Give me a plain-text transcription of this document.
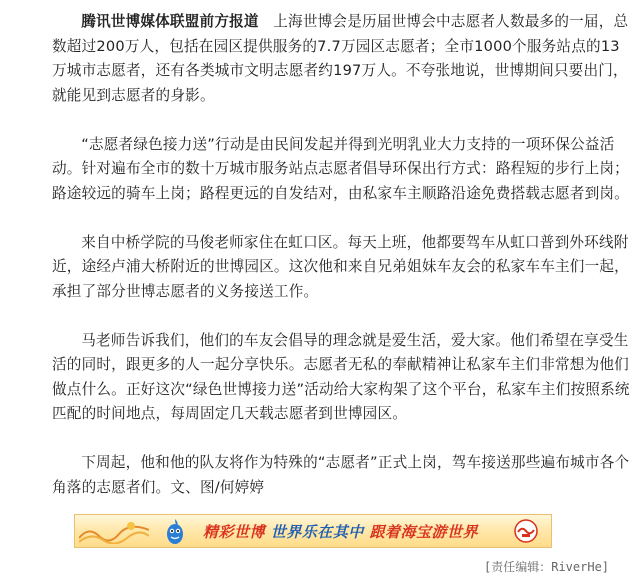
腾讯世博媒体联盟前方报道 上海世博会是历届世博会中志愿者人数最多的一届，总数超过200万人，包括在园区提供服务的7.7万园区志愿者；全市1000个服务站点的13万城市志愿者，还有各类城市文明志愿者约197万人。不夸张地说，世博期间只要出门，就能见到志愿者的身影。

“志愿者绿色接力送”行动是由民间发起并得到光明乳业大力支持的一项环保公益活动。针对遍布全市的数十万城市服务站点志愿者倡导环保出行方式：路程短的步行上岗；路途较远的骑车上岗；路程更远的自发结对，由私家车主顺路沿途免费搭载志愿者到岗。

来自中桥学院的马俊老师家住在虹口区。每天上班，他都要驾车从虹口普到外环线附近，途经卢浦大桥附近的世博园区。这次他和来自兄弟姐妹车友会的私家车车主们一起，承担了部分世博志愿者的义务接送工作。

马老师告诉我们，他们的车友会倡导的理念就是爱生活，爱大家。他们希望在享受生活的同时，跟更多的人一起分享快乐。志愿者无私的奉献精神让私家车主们非常想为他们做点什么。正好这次“绿色世博接力送”活动给大家构架了这个平台，私家车主们按照系统匹配的时间地点，每周固定几天载志愿者到世博园区。

下周起，他和他的队友将作为特殊的“志愿者”正式上岗，驾车接送那些遍布城市各个角落的志愿者们。文、图/何婷婷

精彩世博 世界乐在其中 跟着海宝游世界
[责任编辑：RiverHe]
